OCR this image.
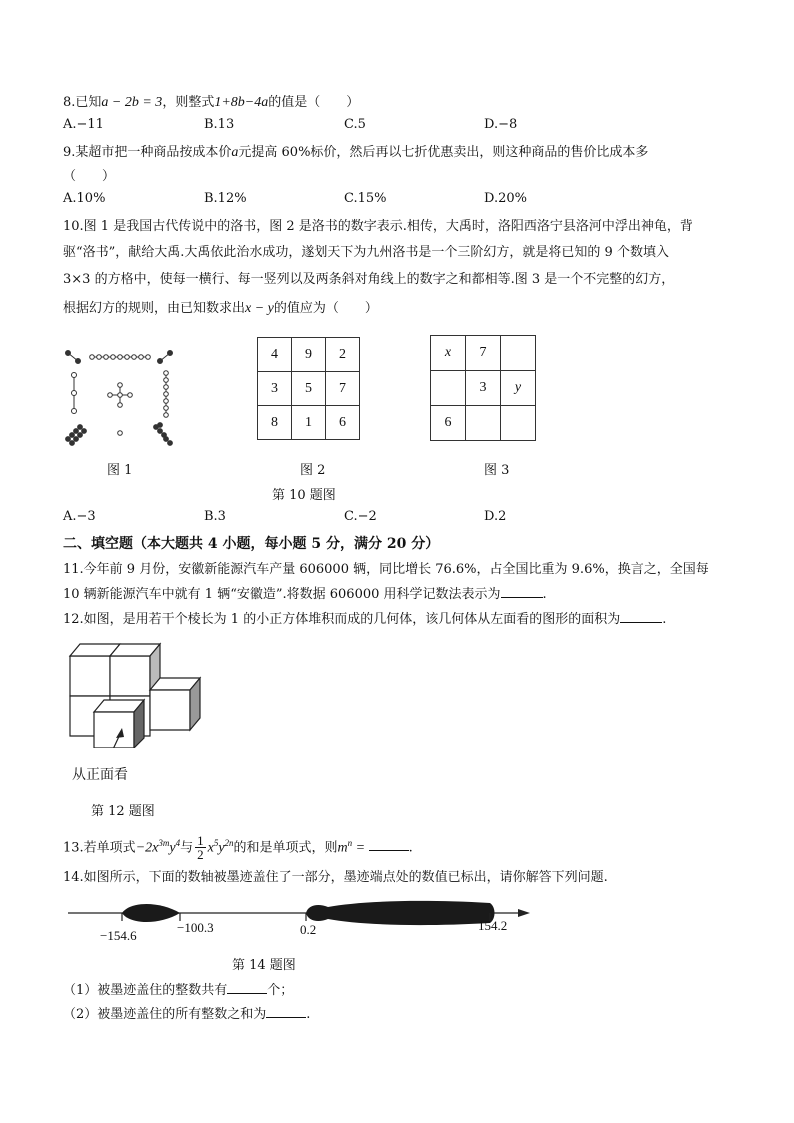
8.已知a − 2b = 3，则整式1+8b−4a的值是（　　）
A.−11	B.13	C.5	D.−8
9.某超市把一种商品按成本价a元提高 60%标价，然后再以七折优惠卖出，则这种商品的售价比成本多
（　　）
A.10%	B.12%	C.15%	D.20%
10.图 1 是我国古代传说中的洛书，图 2 是洛书的数字表示.相传，大禹时，洛阳西洛宁县洛河中浮出神龟，背
驱“洛书”，献给大禹.大禹依此治水成功，遂划天下为九州洛书是一个三阶幻方，就是将已知的 9 个数填入
3×3 的方格中，使每一横行、每一竖列以及两条斜对角线上的数字之和都相等.图 3 是一个不完整的幻方，
根据幻方的规则，由已知数求出x − y的值应为（　　）
图 1
4	9	2
3	5	7
8	1	6
图 2
x	7	
	3	y
6		
图 3
第 10 题图
A.−3	B.3	C.−2	D.2
二、填空题（本大题共 4 小题，每小题 5 分，满分 20 分）
11.今年前 9 月份，安徽新能源汽车产量 606000 辆，同比增长 76.6%，占全国比重为 9.6%，换言之，全国每
10 辆新能源汽车中就有 1 辆“安徽造”.将数据 606000 用科学记数法表示为	.
12.如图，是用若干个棱长为 1 的小正方体堆积而成的几何体，该几何体从左面看的图形的面积为	.
从正面看
第 12 题图
13.若单项式$-2x^{3m}y^4$与 $\frac{1}{2} x^5y^{2n}$的和是单项式，则$m^n$ =	.
14.如图所示，下面的数轴被墨迹盖住了一部分，墨迹端点处的数值已标出，请你解答下列问题.
−154.6
−100.3	0.2	154.2
第 14 题图
（1）被墨迹盖住的整数共有	个；
（2）被墨迹盖住的所有整数之和为	.
